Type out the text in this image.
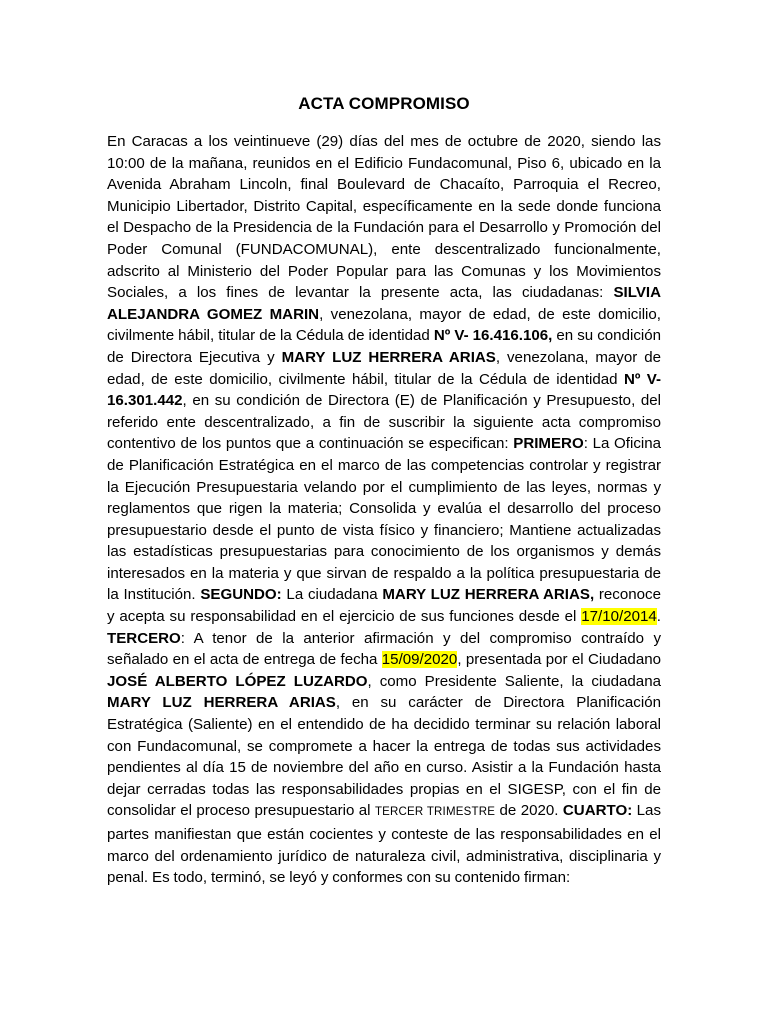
ACTA COMPROMISO
En Caracas a los veintinueve (29) días del mes de octubre de 2020, siendo las 10:00 de la mañana, reunidos en el Edificio Fundacomunal, Piso 6, ubicado en la Avenida Abraham Lincoln, final Boulevard de Chacaíto, Parroquia el Recreo, Municipio Libertador, Distrito Capital, específicamente en la sede donde funciona el Despacho de la Presidencia de la Fundación para el Desarrollo y Promoción del Poder Comunal (FUNDACOMUNAL), ente descentralizado funcionalmente, adscrito al Ministerio del Poder Popular para las Comunas y los Movimientos Sociales, a los fines de levantar la presente acta, las ciudadanas: SILVIA ALEJANDRA GOMEZ MARIN, venezolana, mayor de edad, de este domicilio, civilmente hábil, titular de la Cédula de identidad Nº V- 16.416.106, en su condición de Directora Ejecutiva y MARY LUZ HERRERA ARIAS, venezolana, mayor de edad, de este domicilio, civilmente hábil, titular de la Cédula de identidad Nº V- 16.301.442, en su condición de Directora (E) de Planificación y Presupuesto, del referido ente descentralizado, a fin de suscribir la siguiente acta compromiso contentivo de los puntos que a continuación se especifican: PRIMERO: La Oficina de Planificación Estratégica en el marco de las competencias controlar y registrar la Ejecución Presupuestaria velando por el cumplimiento de las leyes, normas y reglamentos que rigen la materia; Consolida y evalúa el desarrollo del proceso presupuestario desde el punto de vista físico y financiero; Mantiene actualizadas las estadísticas presupuestarias para conocimiento de los organismos y demás interesados en la materia y que sirvan de respaldo a la política presupuestaria de la Institución. SEGUNDO: La ciudadana MARY LUZ HERRERA ARIAS, reconoce y acepta su responsabilidad en el ejercicio de sus funciones desde el 17/10/2014. TERCERO: A tenor de la anterior afirmación y del compromiso contraído y señalado en el acta de entrega de fecha 15/09/2020, presentada por el Ciudadano JOSÉ ALBERTO LÓPEZ LUZARDO, como Presidente Saliente, la ciudadana MARY LUZ HERRERA ARIAS, en su carácter de Directora Planificación Estratégica (Saliente) en el entendido de ha decidido terminar su relación laboral con Fundacomunal, se compromete a hacer la entrega de todas sus actividades pendientes al día 15 de noviembre del año en curso. Asistir a la Fundación hasta dejar cerradas todas las responsabilidades propias en el SIGESP, con el fin de consolidar el proceso presupuestario al TERCER TRIMESTRE de 2020. CUARTO: Las partes manifiestan que están cocientes y conteste de las responsabilidades en el marco del ordenamiento jurídico de naturaleza civil, administrativa, disciplinaria y penal. Es todo, terminó, se leyó y conformes con su contenido firman:
